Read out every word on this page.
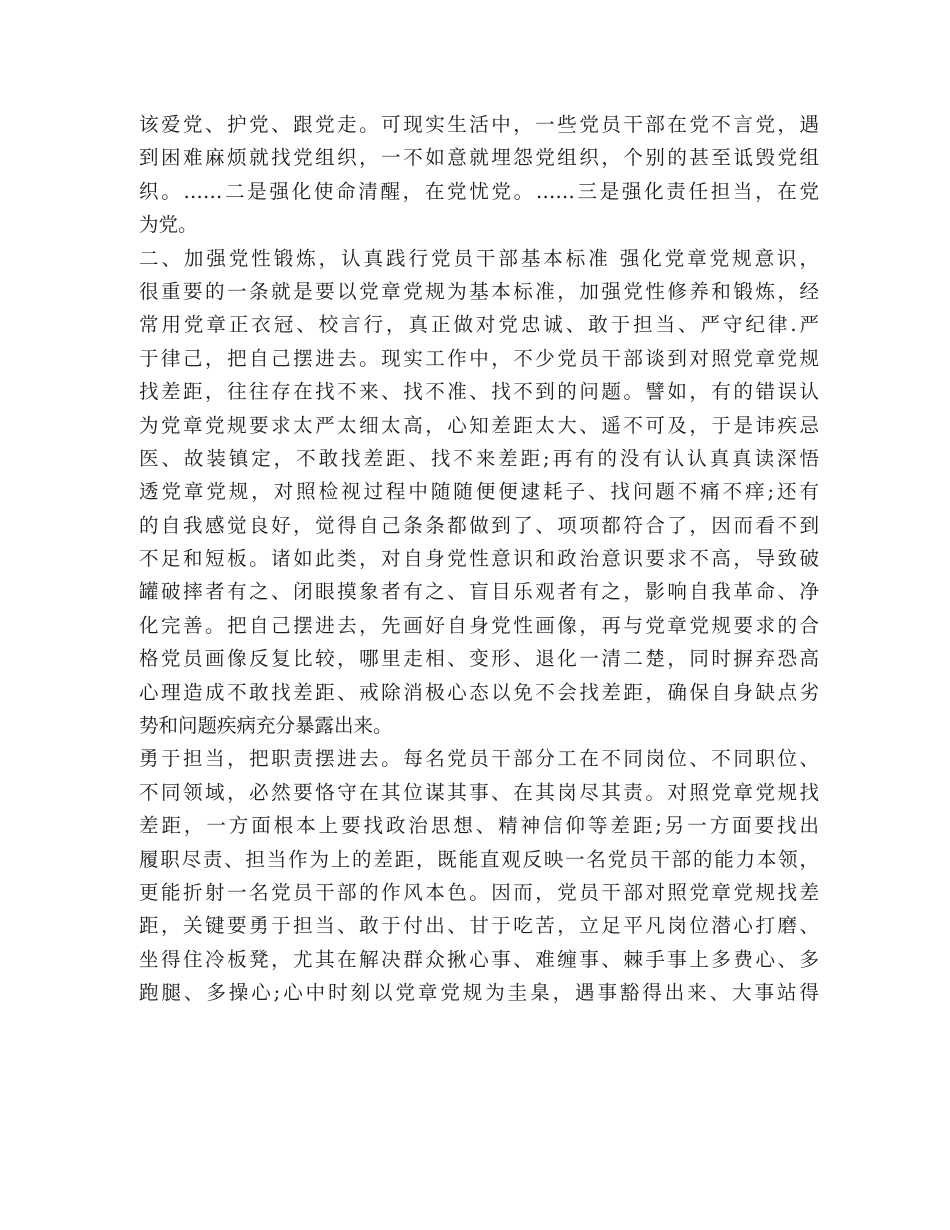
该爱党、护党、跟党走。可现实生活中，一些党员干部在党不言党，遇
到困难麻烦就找党组织，一不如意就埋怨党组织，个别的甚至诋毁党组
织。……二是强化使命清醒，在党忧党。……三是强化责任担当，在党
为党。
二、加强党性锻炼，认真践行党员干部基本标准 强化党章党规意识，
很重要的一条就是要以党章党规为基本标准，加强党性修养和锻炼，经
常用党章正衣冠、校言行，真正做对党忠诚、敢于担当、严守纪律.严
于律己，把自己摆进去。现实工作中，不少党员干部谈到对照党章党规
找差距，往往存在找不来、找不准、找不到的问题。譬如，有的错误认
为党章党规要求太严太细太高，心知差距太大、遥不可及，于是讳疾忌
医、故装镇定，不敢找差距、找不来差距;再有的没有认认真真读深悟
透党章党规，对照检视过程中随随便便逮耗子、找问题不痛不痒;还有
的自我感觉良好，觉得自己条条都做到了、项项都符合了，因而看不到
不足和短板。诸如此类，对自身党性意识和政治意识要求不高，导致破
罐破摔者有之、闭眼摸象者有之、盲目乐观者有之，影响自我革命、净
化完善。把自己摆进去，先画好自身党性画像，再与党章党规要求的合
格党员画像反复比较，哪里走相、变形、退化一清二楚，同时摒弃恐高
心理造成不敢找差距、戒除消极心态以免不会找差距，确保自身缺点劣
势和问题疾病充分暴露出来。
勇于担当，把职责摆进去。每名党员干部分工在不同岗位、不同职位、
不同领域，必然要恪守在其位谋其事、在其岗尽其责。对照党章党规找
差距，一方面根本上要找政治思想、精神信仰等差距;另一方面要找出
履职尽责、担当作为上的差距，既能直观反映一名党员干部的能力本领，
更能折射一名党员干部的作风本色。因而，党员干部对照党章党规找差
距，关键要勇于担当、敢于付出、甘于吃苦，立足平凡岗位潜心打磨、
坐得住冷板凳，尤其在解决群众揪心事、难缠事、棘手事上多费心、多
跑腿、多操心;心中时刻以党章党规为圭臬，遇事豁得出来、大事站得
